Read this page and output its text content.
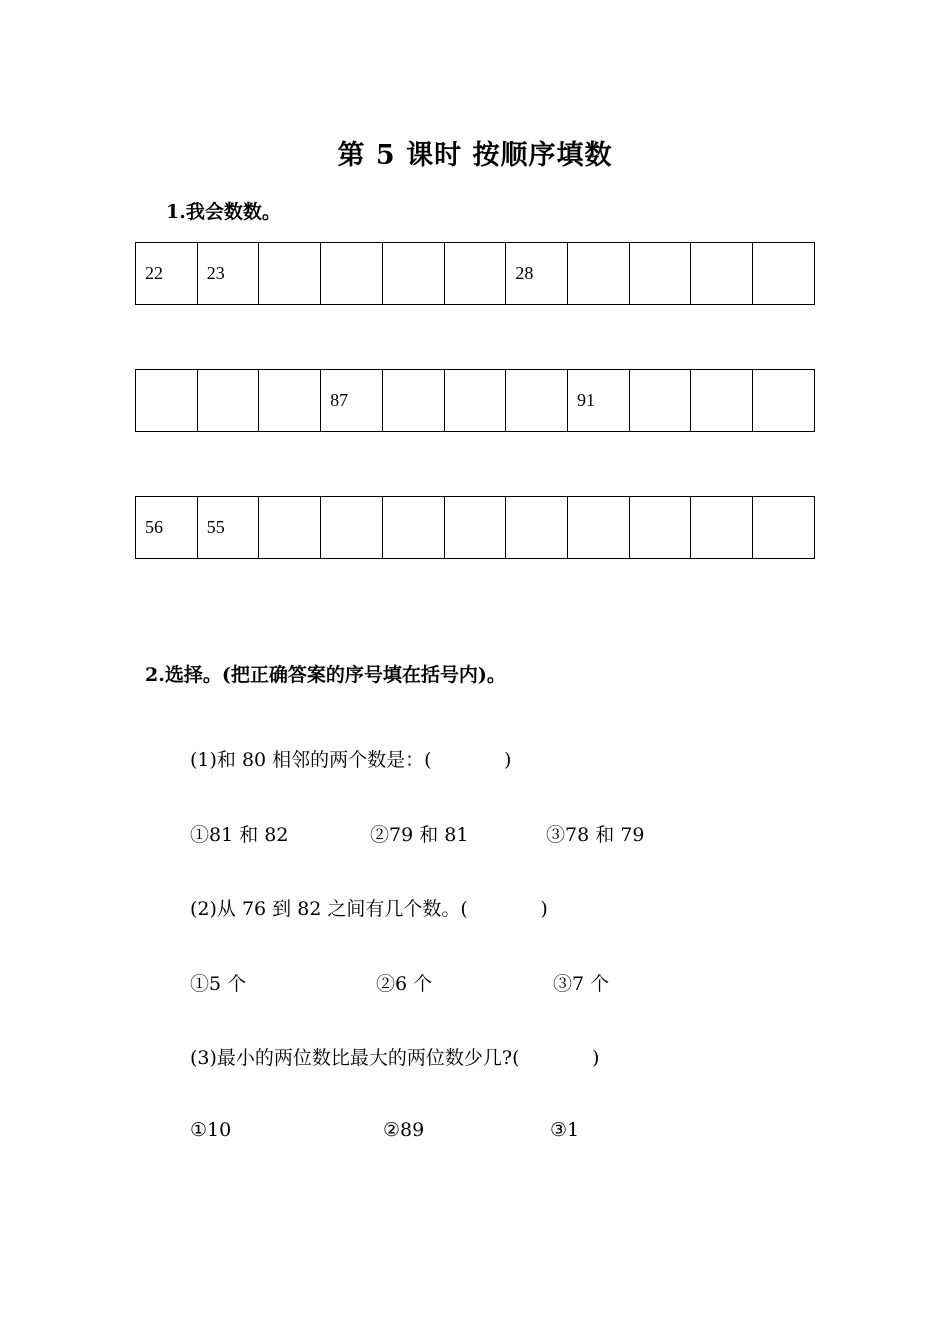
第 5 课时 按顺序填数
1.我会数数。
22	23					28				
			87				91			
56	55									
2.选择。(把正确答案的序号填在括号内)。
(1)和 80 相邻的两个数是：(            )
①81 和 82	②79 和 81	③78 和 79
(2)从 76 到 82 之间有几个数。(            )
①5 个	②6 个	③7 个
(3)最小的两位数比最大的两位数少几?(            )
①10	②89	③1
